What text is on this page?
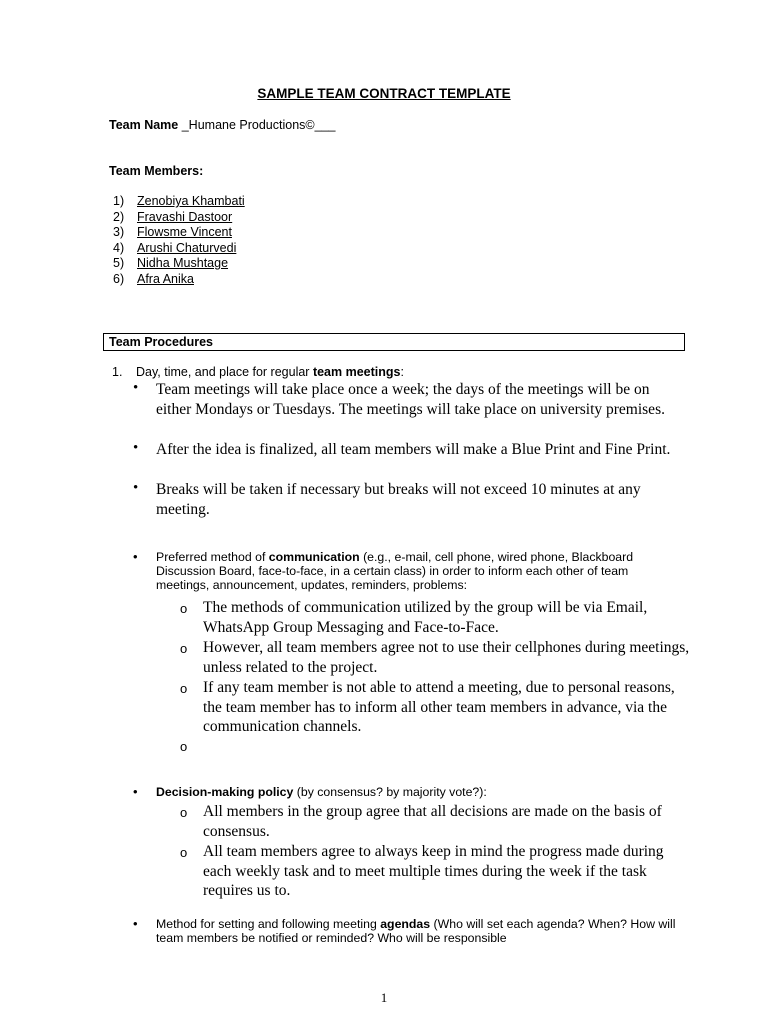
SAMPLE TEAM CONTRACT TEMPLATE
Team Name _Humane Productions©___
Team Members:
1) Zenobiya Khambati
2) Fravashi Dastoor
3) Flowsme Vincent
4) Arushi Chaturvedi
5) Nidha Mushtage
6) Afra Anika
Team Procedures
1. Day, time, and place for regular team meetings:
• Team meetings will take place once a week; the days of the meetings will be on either Mondays or Tuesdays. The meetings will take place on university premises.
• After the idea is finalized, all team members will make a Blue Print and Fine Print.
• Breaks will be taken if necessary but breaks will not exceed 10 minutes at any meeting.
• Preferred method of communication (e.g., e-mail, cell phone, wired phone, Blackboard Discussion Board, face-to-face, in a certain class) in order to inform each other of team meetings, announcement, updates, reminders, problems:
o The methods of communication utilized by the group will be via Email, WhatsApp Group Messaging and Face-to-Face.
o However, all team members agree not to use their cellphones during meetings, unless related to the project.
o If any team member is not able to attend a meeting, due to personal reasons, the team member has to inform all other team members in advance, via the communication channels.
o
• Decision-making policy (by consensus? by majority vote?):
o All members in the group agree that all decisions are made on the basis of consensus.
o All team members agree to always keep in mind the progress made during each weekly task and to meet multiple times during the week if the task requires us to.
• Method for setting and following meeting agendas (Who will set each agenda? When? How will team members be notified or reminded? Who will be responsible
1
